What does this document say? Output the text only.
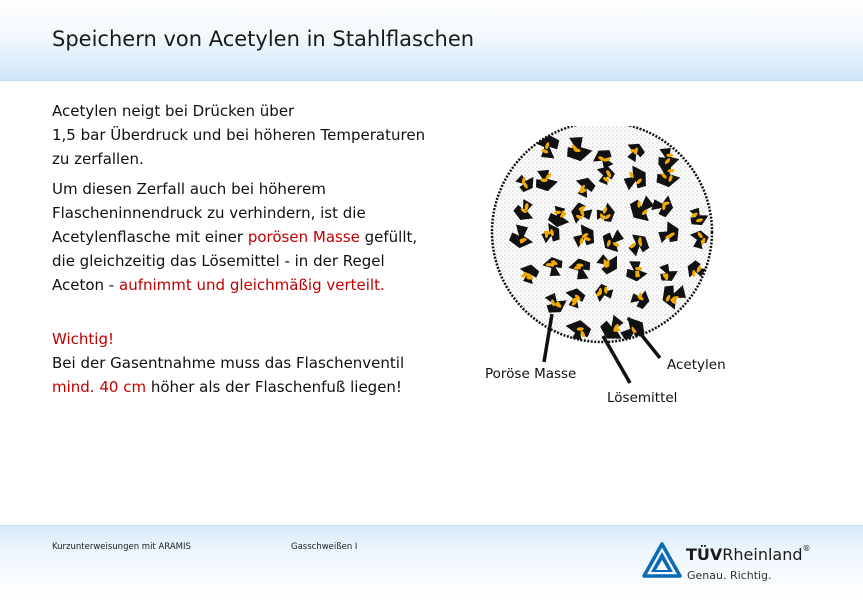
Speichern von Acetylen in Stahlflaschen

Acetylen neigt bei Drücken über
1,5 bar Überdruck und bei höheren Temperaturen
zu zerfallen.

Um diesen Zerfall auch bei höherem
Flascheninnendruck zu verhindern, ist die
Acetylenflasche mit einer porösen Masse gefüllt,
die gleichzeitig das Lösemittel - in der Regel
Aceton - aufnimmt und gleichmäßig verteilt.

Wichtig!
Bei der Gasentnahme muss das Flaschenventil
mind. 40 cm höher als der Flaschenfuß liegen!

Poröse Masse
Acetylen
Lösemittel
Kurzunterweisungen mit ARAMIS	Gasschweißen I	TÜVRheinland®
Genau. Richtig.
